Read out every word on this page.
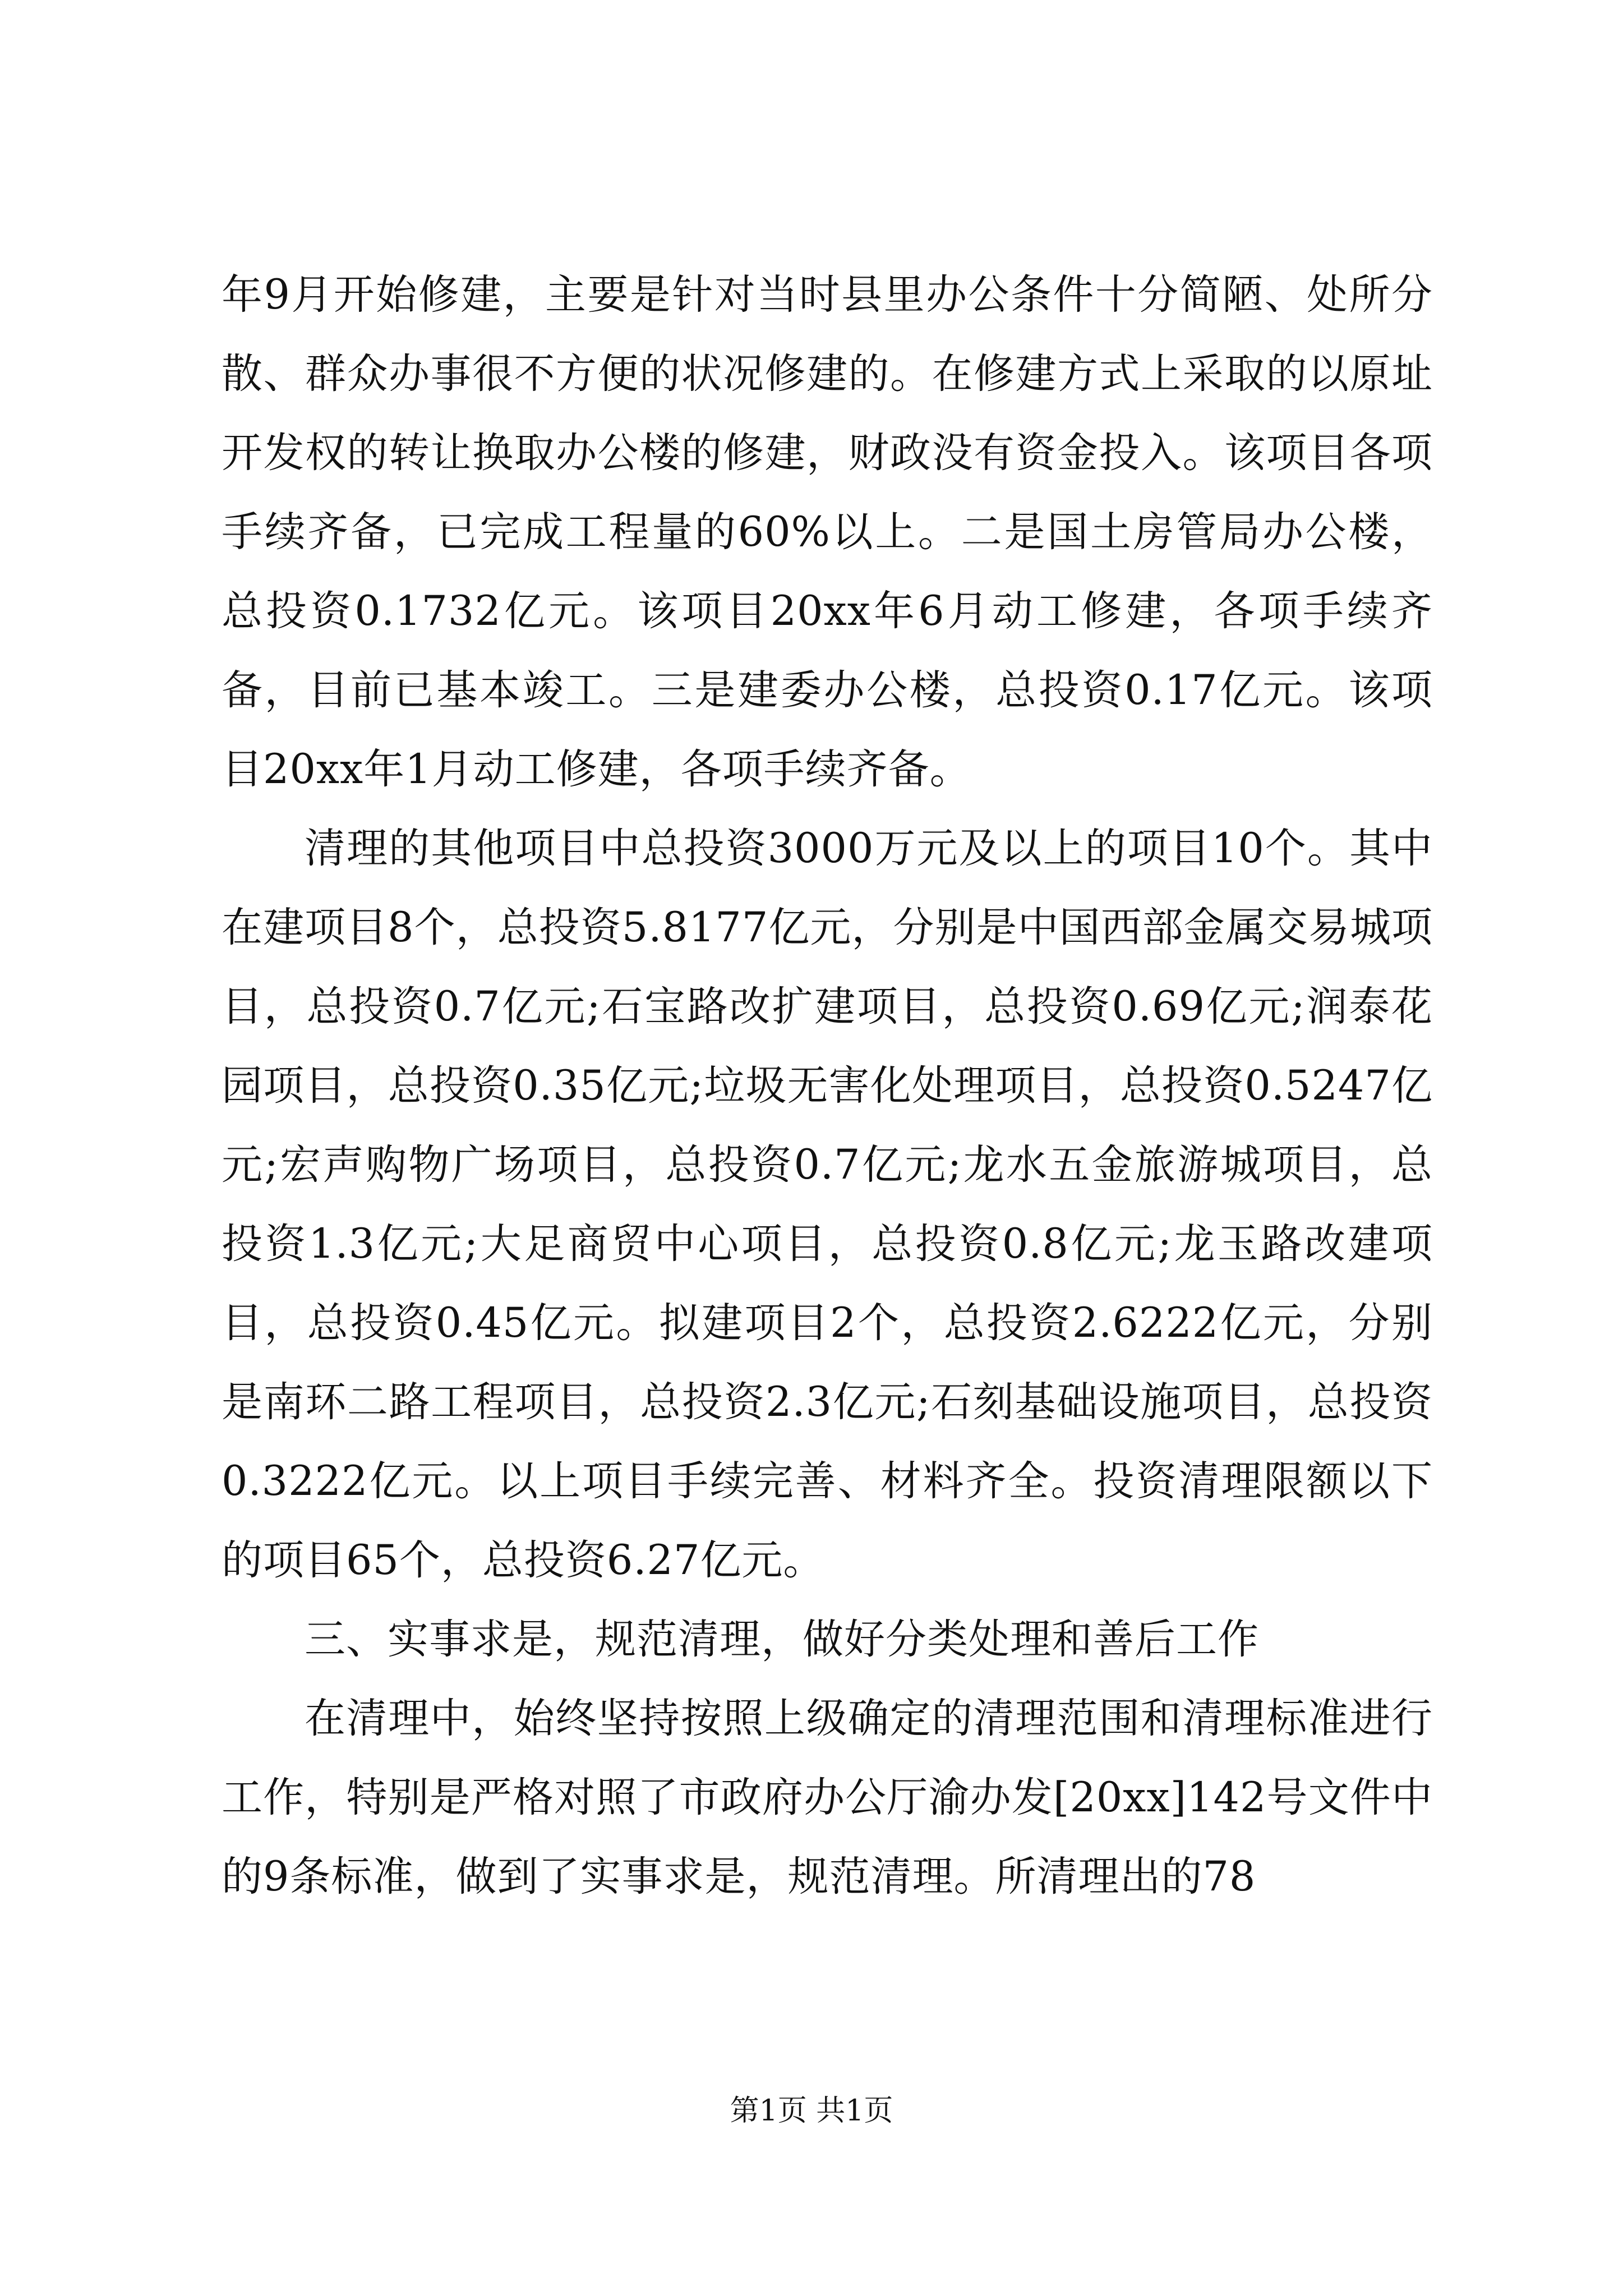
年9月开始修建，主要是针对当时县里办公条件十分简陋、处所分散、群众办事很不方便的状况修建的。在修建方式上采取的以原址开发权的转让换取办公楼的修建，财政没有资金投入。该项目各项手续齐备，已完成工程量的60%以上。二是国土房管局办公楼，总投资0.1732亿元。该项目20xx年6月动工修建，各项手续齐备，目前已基本竣工。三是建委办公楼，总投资0.17亿元。该项目20xx年1月动工修建，各项手续齐备。

清理的其他项目中总投资3000万元及以上的项目10个。其中在建项目8个，总投资5.8177亿元，分别是中国西部金属交易城项目，总投资0.7亿元;石宝路改扩建项目，总投资0.69亿元;润泰花园项目，总投资0.35亿元;垃圾无害化处理项目，总投资0.5247亿元;宏声购物广场项目，总投资0.7亿元;龙水五金旅游城项目，总投资1.3亿元;大足商贸中心项目，总投资0.8亿元;龙玉路改建项目，总投资0.45亿元。拟建项目2个，总投资2.6222亿元，分别是南环二路工程项目，总投资2.3亿元;石刻基础设施项目，总投资0.3222亿元。以上项目手续完善、材料齐全。投资清理限额以下的项目65个，总投资6.27亿元。

三、实事求是，规范清理，做好分类处理和善后工作

在清理中，始终坚持按照上级确定的清理范围和清理标准进行工作，特别是严格对照了市政府办公厅渝办发[20xx]142号文件中的9条标准，做到了实事求是，规范清理。所清理出的78

第1页 共1页
